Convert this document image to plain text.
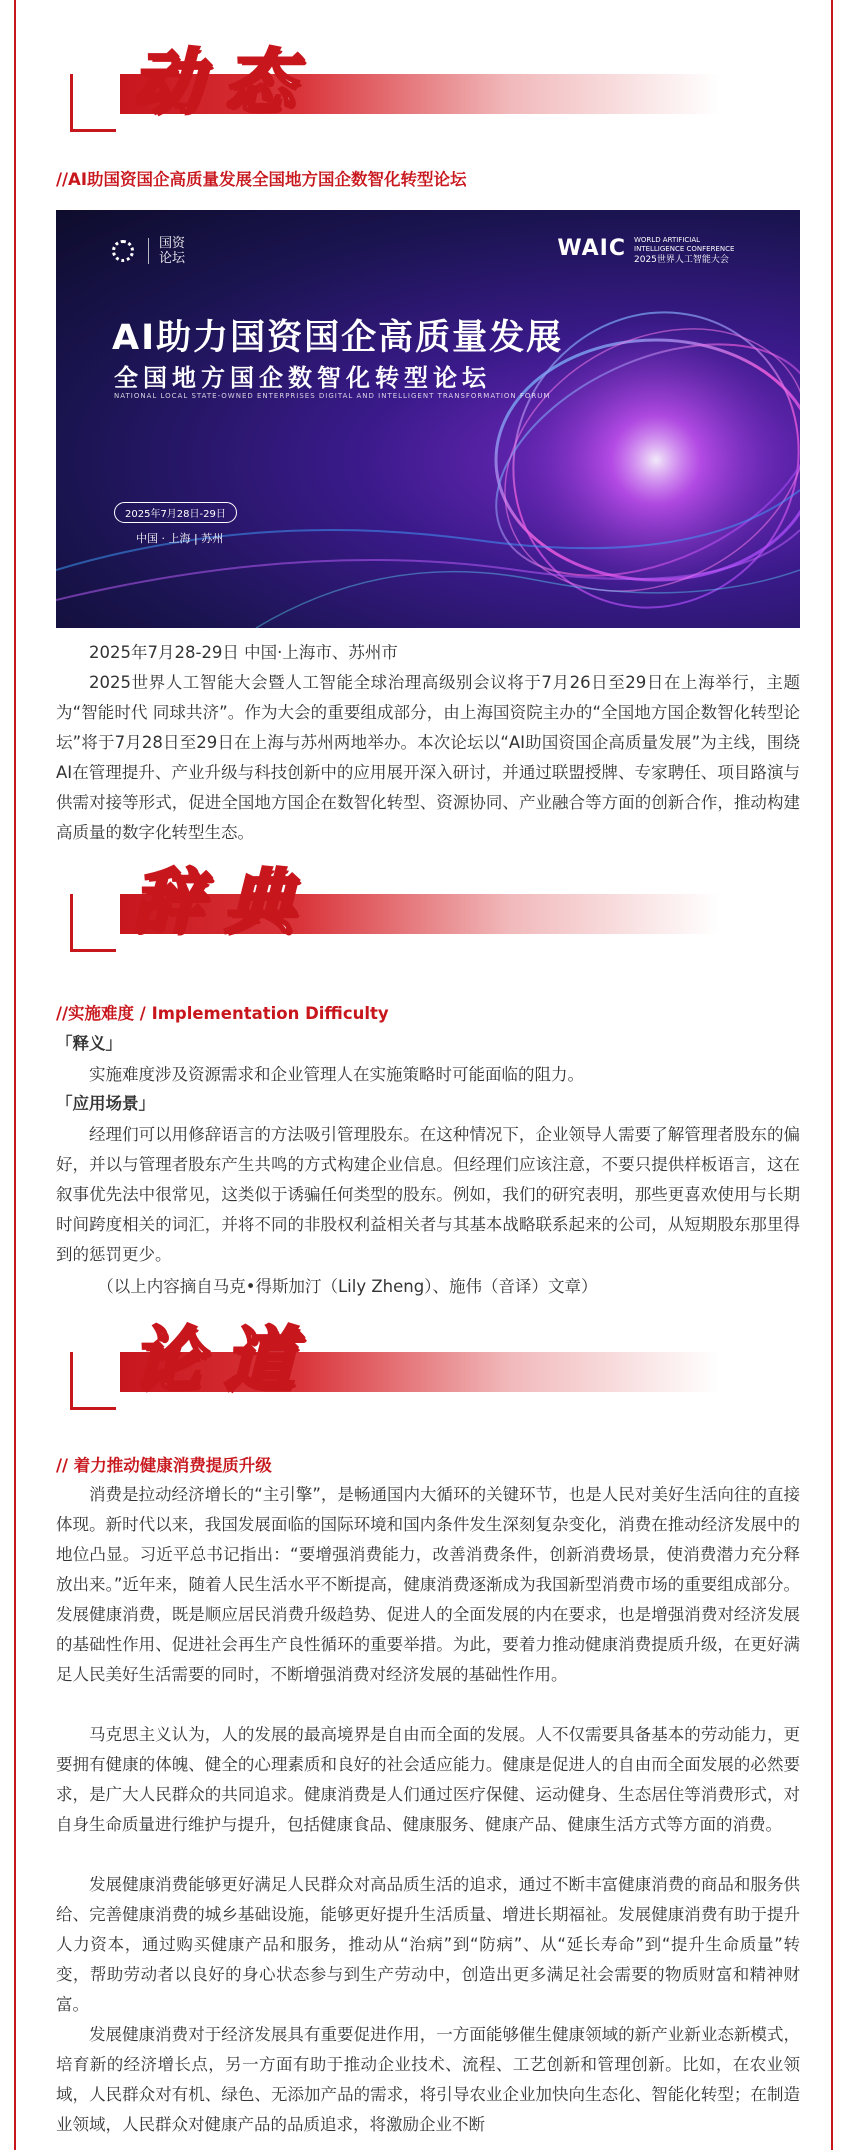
动态
//AI助国资国企高质量发展全国地方国企数智化转型论坛
国资论坛	WAIC WORLD ARTIFICIAL INTELLIGENCE CONFERENCE
2025世界人工智能大会
AI助力国资国企高质量发展
全国地方国企数智化转型论坛
NATIONAL LOCAL STATE-OWNED ENTERPRISES DIGITAL AND INTELLIGENT TRANSFORMATION FORUM
2025年7月28日-29日
中国 · 上海 | 苏州
2025年7月28-29日 中国·上海市、苏州市
2025世界人工智能大会暨人工智能全球治理高级别会议将于7月26日至29日在上海举行，主题为“智能时代 同球共济”。作为大会的重要组成部分，由上海国资院主办的“全国地方国企数智化转型论坛”将于7月28日至29日在上海与苏州两地举办。本次论坛以“AI助国资国企高质量发展”为主线，围绕AI在管理提升、产业升级与科技创新中的应用展开深入研讨，并通过联盟授牌、专家聘任、项目路演与供需对接等形式，促进全国地方国企在数智化转型、资源协同、产业融合等方面的创新合作，推动构建高质量的数字化转型生态。
辞典
//实施难度 / Implementation Difficulty
「释义」
实施难度涉及资源需求和企业管理人在实施策略时可能面临的阻力。
「应用场景」
经理们可以用修辞语言的方法吸引管理股东。在这种情况下，企业领导人需要了解管理者股东的偏好，并以与管理者股东产生共鸣的方式构建企业信息。但经理们应该注意，不要只提供样板语言，这在叙事优先法中很常见，这类似于诱骗任何类型的股东。例如，我们的研究表明，那些更喜欢使用与长期时间跨度相关的词汇，并将不同的非股权利益相关者与其基本战略联系起来的公司，从短期股东那里得到的惩罚更少。
（以上内容摘自马克•得斯加汀（Lily Zheng）、施伟（音译）文章）
论道
// 着力推动健康消费提质升级
消费是拉动经济增长的“主引擎”，是畅通国内大循环的关键环节，也是人民对美好生活向往的直接体现。新时代以来，我国发展面临的国际环境和国内条件发生深刻复杂变化，消费在推动经济发展中的地位凸显。习近平总书记指出：“要增强消费能力，改善消费条件，创新消费场景，使消费潜力充分释放出来。”近年来，随着人民生活水平不断提高，健康消费逐渐成为我国新型消费市场的重要组成部分。发展健康消费，既是顺应居民消费升级趋势、促进人的全面发展的内在要求，也是增强消费对经济发展的基础性作用、促进社会再生产良性循环的重要举措。为此，要着力推动健康消费提质升级，在更好满足人民美好生活需要的同时，不断增强消费对经济发展的基础性作用。
马克思主义认为，人的发展的最高境界是自由而全面的发展。人不仅需要具备基本的劳动能力，更要拥有健康的体魄、健全的心理素质和良好的社会适应能力。健康是促进人的自由而全面发展的必然要求，是广大人民群众的共同追求。健康消费是人们通过医疗保健、运动健身、生态居住等消费形式，对自身生命质量进行维护与提升，包括健康食品、健康服务、健康产品、健康生活方式等方面的消费。
发展健康消费能够更好满足人民群众对高品质生活的追求，通过不断丰富健康消费的商品和服务供给、完善健康消费的城乡基础设施，能够更好提升生活质量、增进长期福祉。发展健康消费有助于提升人力资本，通过购买健康产品和服务，推动从“治病”到“防病”、从“延长寿命”到“提升生命质量”转变，帮助劳动者以良好的身心状态参与到生产劳动中，创造出更多满足社会需要的物质财富和精神财富。
发展健康消费对于经济发展具有重要促进作用，一方面能够催生健康领域的新产业新业态新模式，培育新的经济增长点，另一方面有助于推动企业技术、流程、工艺创新和管理创新。比如，在农业领域，人民群众对有机、绿色、无添加产品的需求，将引导农业企业加快向生态化、智能化转型；在制造业领域，人民群众对健康产品的品质追求，将激励企业不断
